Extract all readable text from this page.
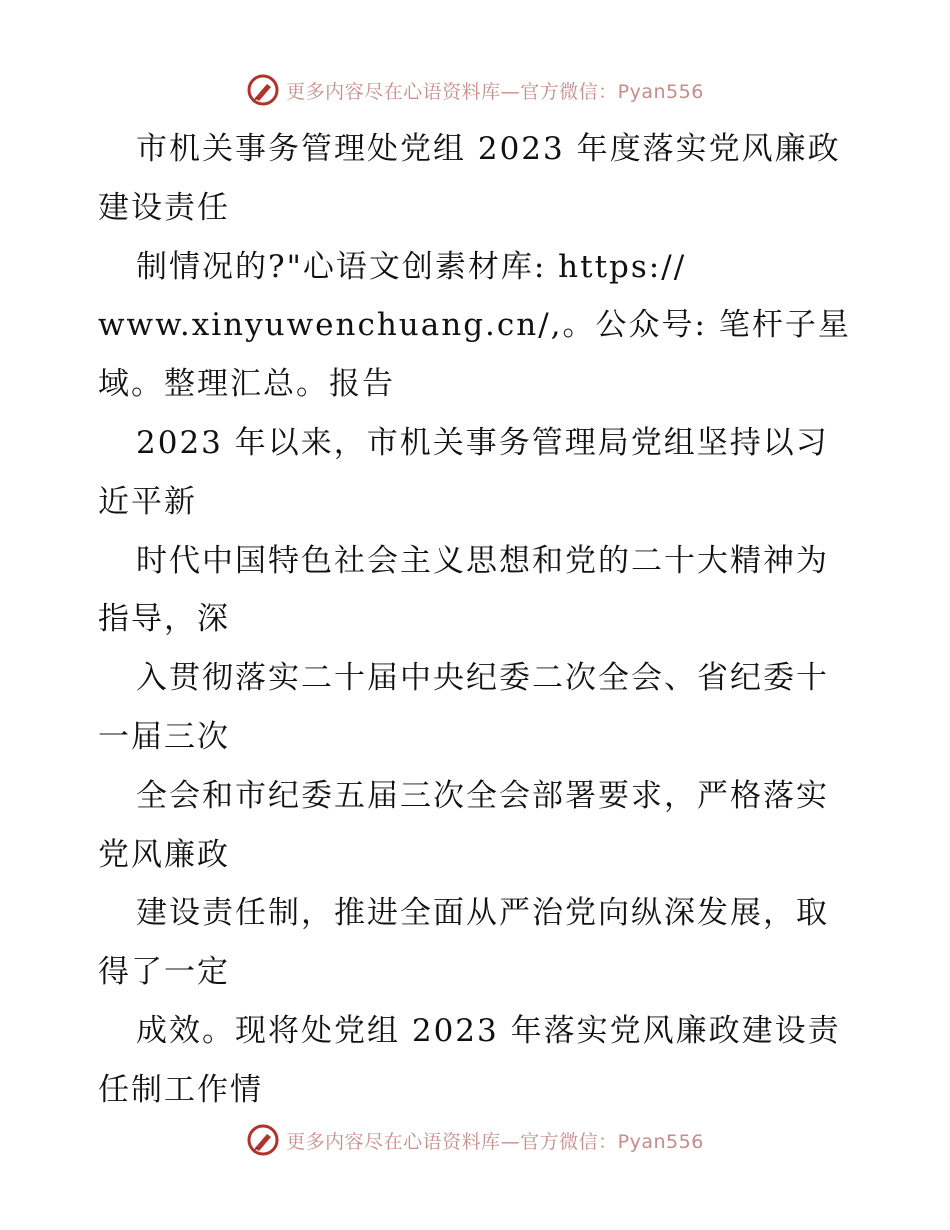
更多内容尽在心语资料库—官方微信：Pyan556
市机关事务管理处党组 2023 年度落实党风廉政
建设责任
制情况的?"心语文创素材库: https://
www.xinyuwenchuang.cn/,。公众号: 笔杆子星
域。整理汇总。报告
2023 年以来，市机关事务管理局党组坚持以习
近平新
时代中国特色社会主义思想和党的二十大精神为
指导，深
入贯彻落实二十届中央纪委二次全会、省纪委十
一届三次
全会和市纪委五届三次全会部署要求，严格落实
党风廉政
建设责任制，推进全面从严治党向纵深发展，取
得了一定
成效。现将处党组 2023 年落实党风廉政建设责
任制工作情
更多内容尽在心语资料库—官方微信：Pyan556
